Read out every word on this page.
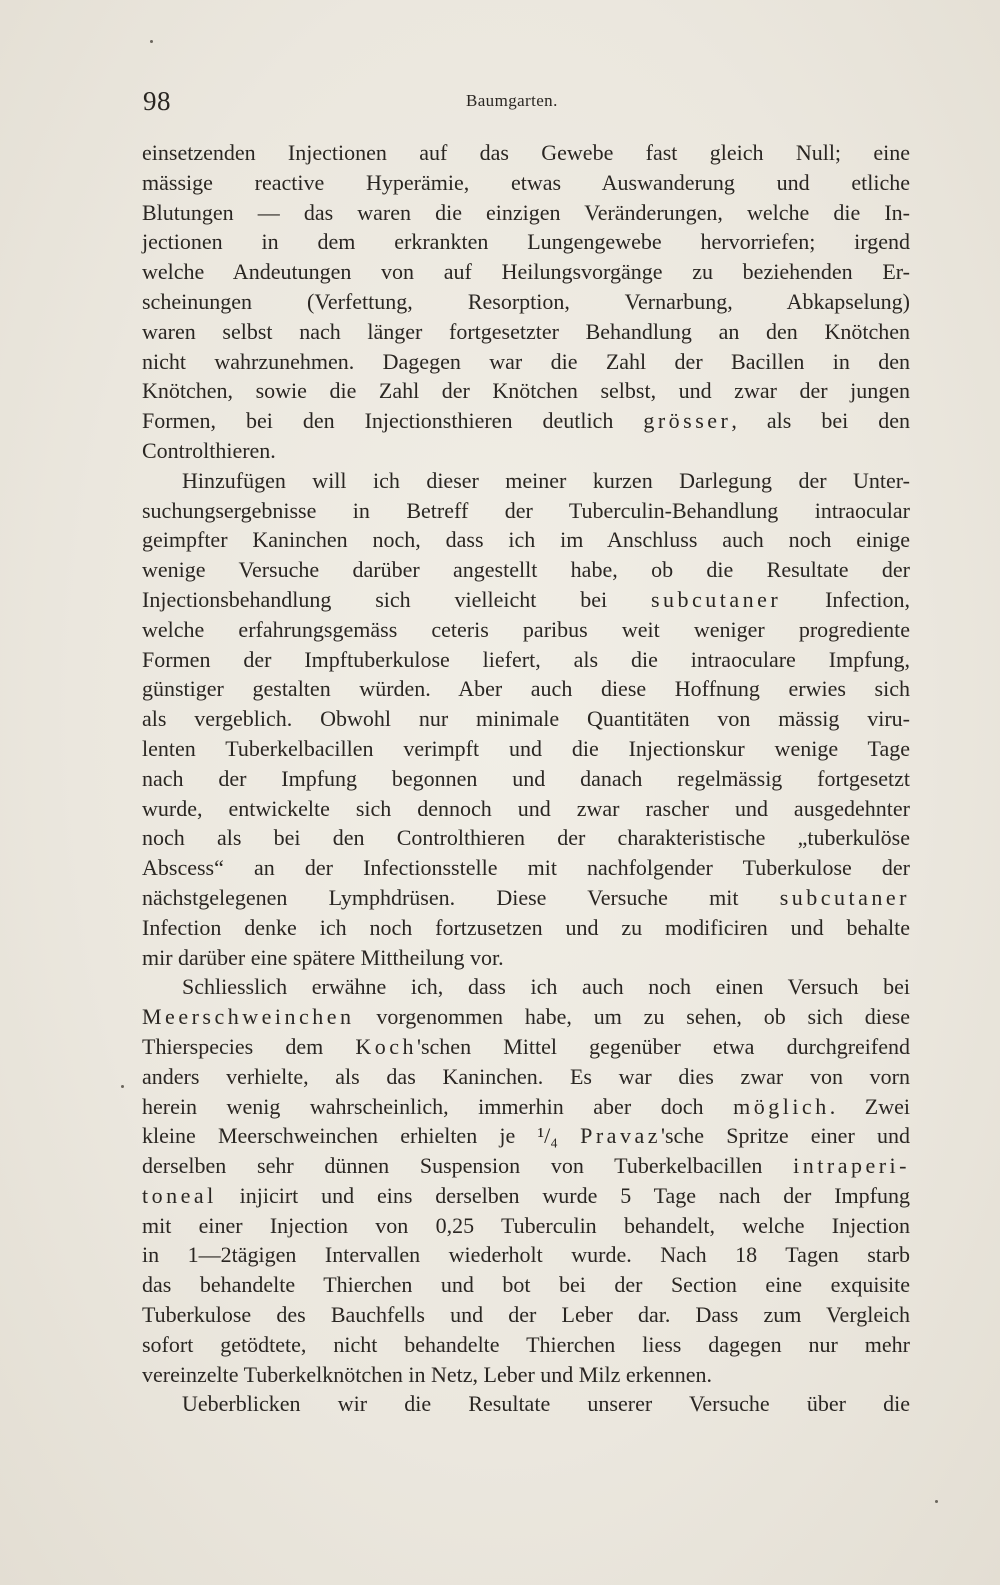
98	Baumgarten.
einsetzenden Injectionen auf das Gewebe fast gleich Null; eine
mässige reactive Hyperämie, etwas Auswanderung und etliche
Blutungen — das waren die einzigen Veränderungen, welche die In-
jectionen in dem erkrankten Lungengewebe hervorriefen; irgend
welche Andeutungen von auf Heilungsvorgänge zu beziehenden Er-
scheinungen (Verfettung, Resorption, Vernarbung, Abkapselung)
waren selbst nach länger fortgesetzter Behandlung an den Knötchen
nicht wahrzunehmen. Dagegen war die Zahl der Bacillen in den
Knötchen, sowie die Zahl der Knötchen selbst, und zwar der jungen
Formen, bei den Injectionsthieren deutlich grösser, als bei den
Controlthieren.
Hinzufügen will ich dieser meiner kurzen Darlegung der Unter-
suchungsergebnisse in Betreff der Tuberculin-Behandlung intraocular
geimpfter Kaninchen noch, dass ich im Anschluss auch noch einige
wenige Versuche darüber angestellt habe, ob die Resultate der
Injectionsbehandlung sich vielleicht bei subcutaner Infection,
welche erfahrungsgemäss ceteris paribus weit weniger progrediente
Formen der Impftuberkulose liefert, als die intraoculare Impfung,
günstiger gestalten würden. Aber auch diese Hoffnung erwies sich
als vergeblich. Obwohl nur minimale Quantitäten von mässig viru-
lenten Tuberkelbacillen verimpft und die Injectionskur wenige Tage
nach der Impfung begonnen und danach regelmässig fortgesetzt
wurde, entwickelte sich dennoch und zwar rascher und ausgedehnter
noch als bei den Controlthieren der charakteristische „tuberkulöse
Abscess“ an der Infectionsstelle mit nachfolgender Tuberkulose der
nächstgelegenen Lymphdrüsen. Diese Versuche mit subcutaner
Infection denke ich noch fortzusetzen und zu modificiren und behalte
mir darüber eine spätere Mittheilung vor.
Schliesslich erwähne ich, dass ich auch noch einen Versuch bei
Meerschweinchen vorgenommen habe, um zu sehen, ob sich diese
Thierspecies dem Koch'schen Mittel gegenüber etwa durchgreifend
anders verhielte, als das Kaninchen. Es war dies zwar von vorn
herein wenig wahrscheinlich, immerhin aber doch möglich. Zwei
kleine Meerschweinchen erhielten je ¹/₄ Pravaz'sche Spritze einer und
derselben sehr dünnen Suspension von Tuberkelbacillen intraperi-
toneal injicirt und eins derselben wurde 5 Tage nach der Impfung
mit einer Injection von 0,25 Tuberculin behandelt, welche Injection
in 1—2tägigen Intervallen wiederholt wurde. Nach 18 Tagen starb
das behandelte Thierchen und bot bei der Section eine exquisite
Tuberkulose des Bauchfells und der Leber dar. Dass zum Vergleich
sofort getödtete, nicht behandelte Thierchen liess dagegen nur mehr
vereinzelte Tuberkelknötchen in Netz, Leber und Milz erkennen.
Ueberblicken wir die Resultate unserer Versuche über die
